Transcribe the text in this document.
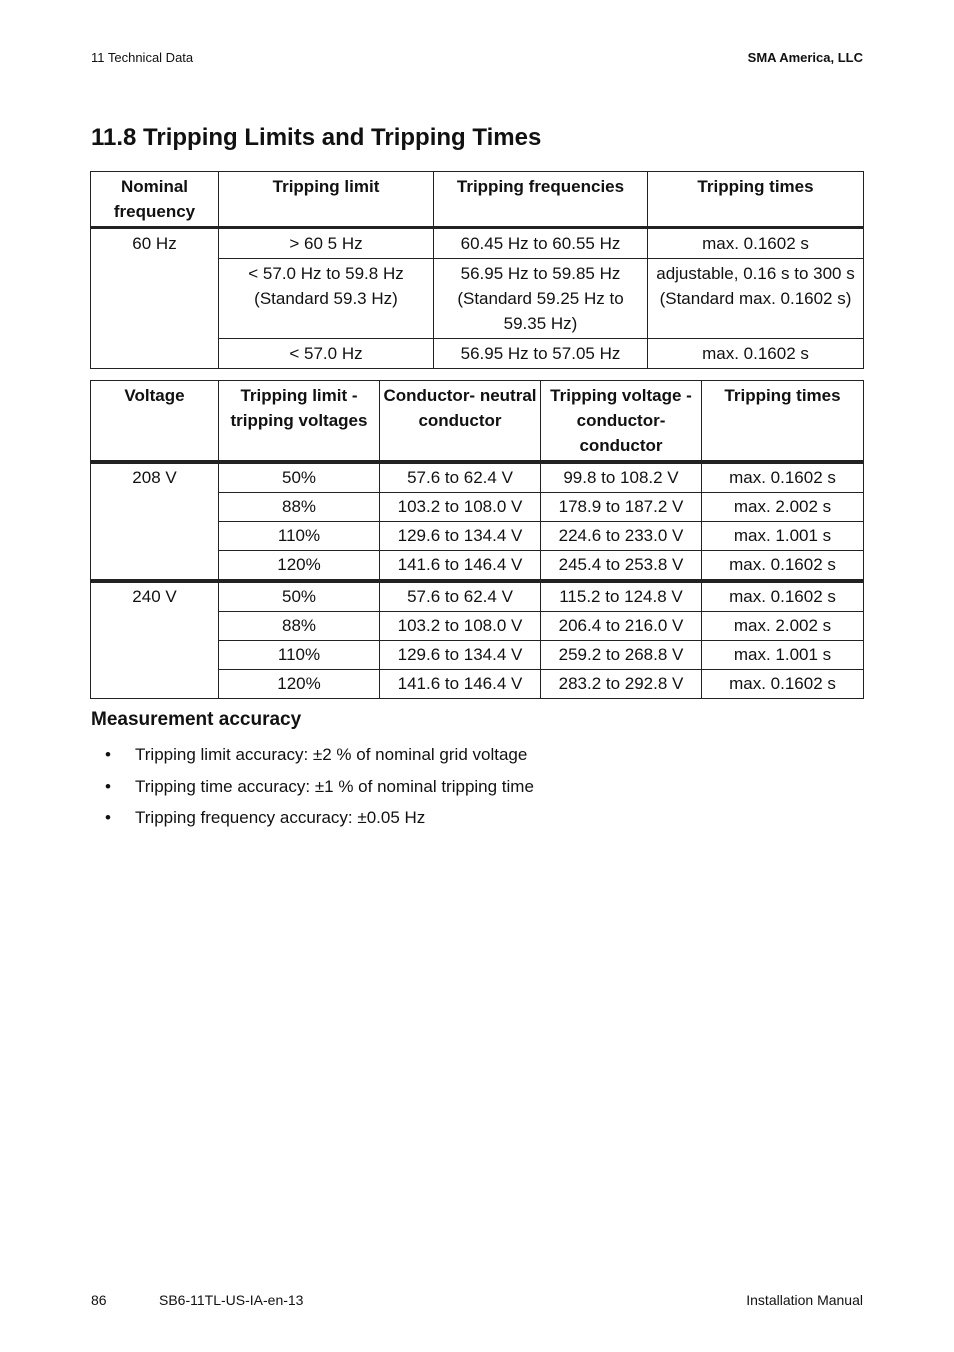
11 Technical Data	SMA America, LLC
11.8 Tripping Limits and Tripping Times
Nominal frequency	Tripping limit	Tripping frequencies	Tripping times
60 Hz	> 60 5 Hz	60.45 Hz to 60.55 Hz	max. 0.1602 s
	< 57.0 Hz to 59.8 Hz (Standard 59.3 Hz)	56.95 Hz to 59.85 Hz (Standard 59.25 Hz to 59.35 Hz)	adjustable, 0.16 s to 300 s (Standard max. 0.1602 s)
	< 57.0 Hz	56.95 Hz to 57.05 Hz	max. 0.1602 s
Voltage	Tripping limit - tripping voltages	Conductor- neutral conductor	Tripping voltage - conductor- conductor	Tripping times
208 V	50%	57.6 to 62.4 V	99.8 to 108.2 V	max. 0.1602 s
	88%	103.2 to 108.0 V	178.9 to 187.2 V	max. 2.002 s
	110%	129.6 to 134.4 V	224.6 to 233.0 V	max. 1.001 s
	120%	141.6 to 146.4 V	245.4 to 253.8 V	max. 0.1602 s
240 V	50%	57.6 to 62.4 V	115.2 to 124.8 V	max. 0.1602 s
	88%	103.2 to 108.0 V	206.4 to 216.0 V	max. 2.002 s
	110%	129.6 to 134.4 V	259.2 to 268.8 V	max. 1.001 s
	120%	141.6 to 146.4 V	283.2 to 292.8 V	max. 0.1602 s
Measurement accuracy
• Tripping limit accuracy: ±2 % of nominal grid voltage
• Tripping time accuracy: ±1 % of nominal tripping time
• Tripping frequency accuracy: ±0.05 Hz
86	SB6-11TL-US-IA-en-13	Installation Manual
